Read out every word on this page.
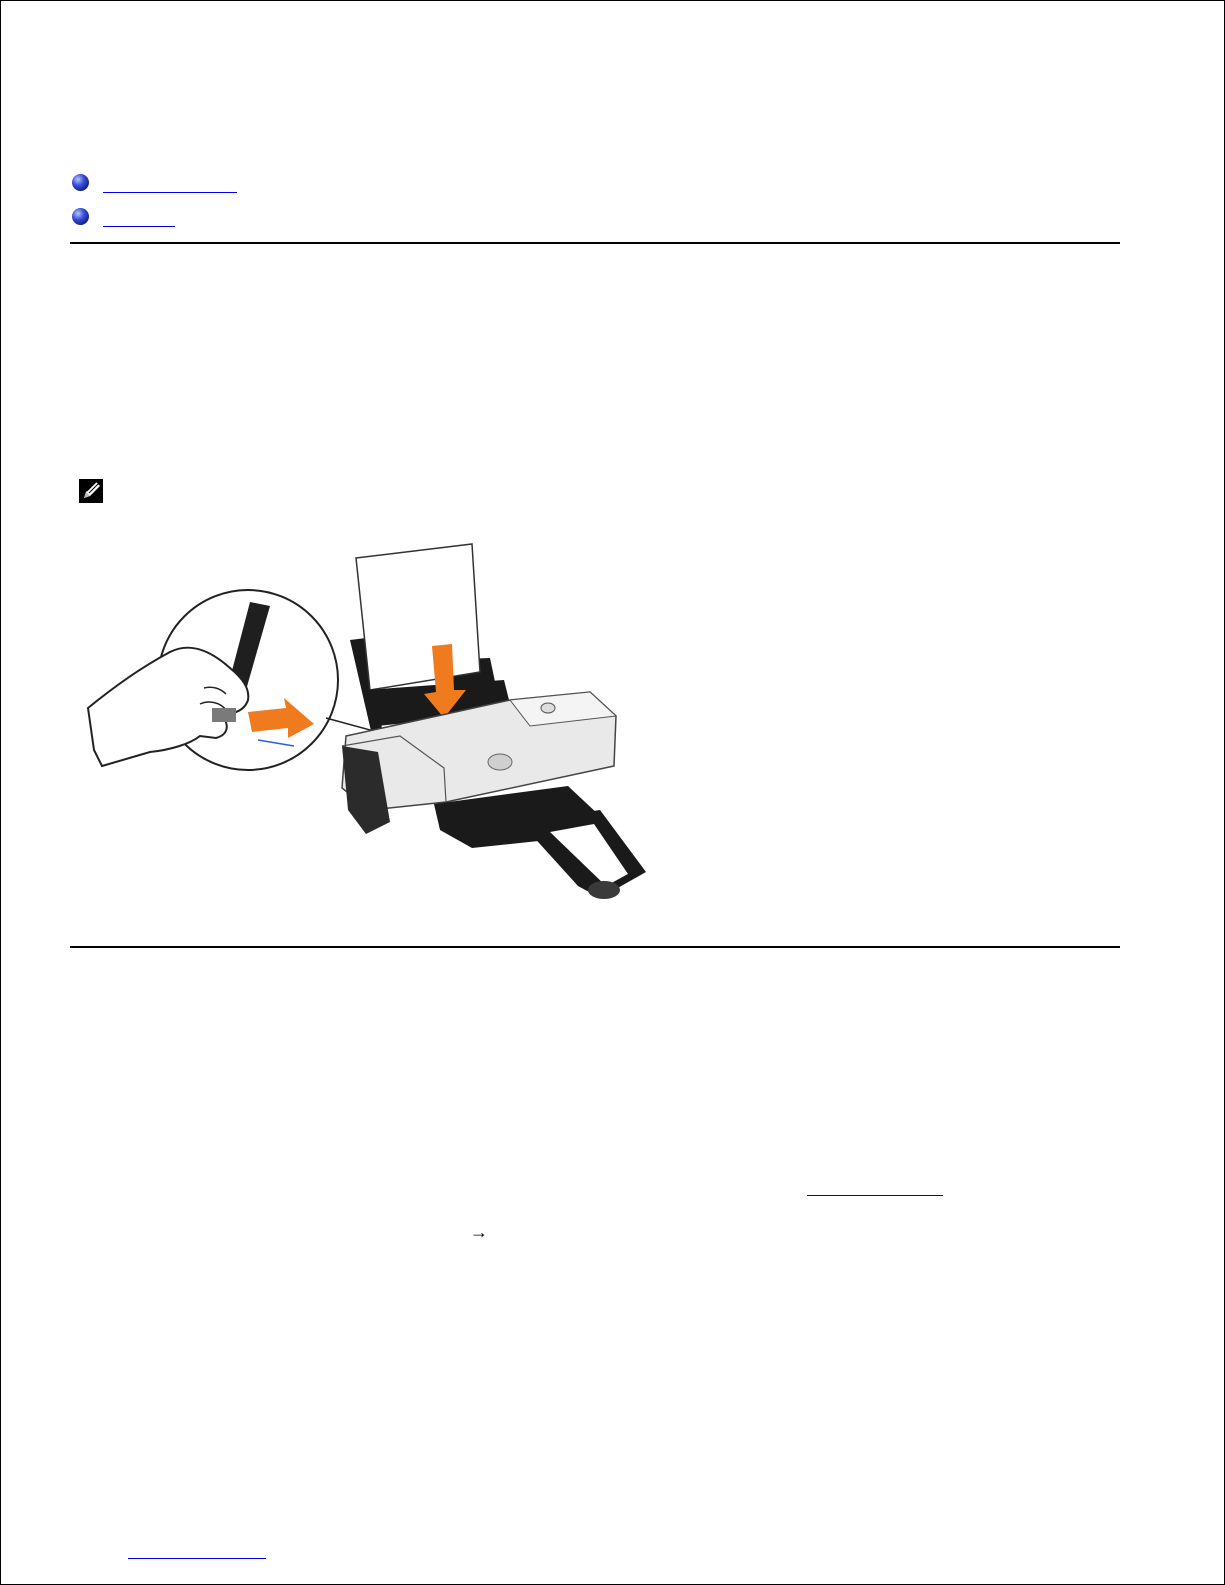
→
